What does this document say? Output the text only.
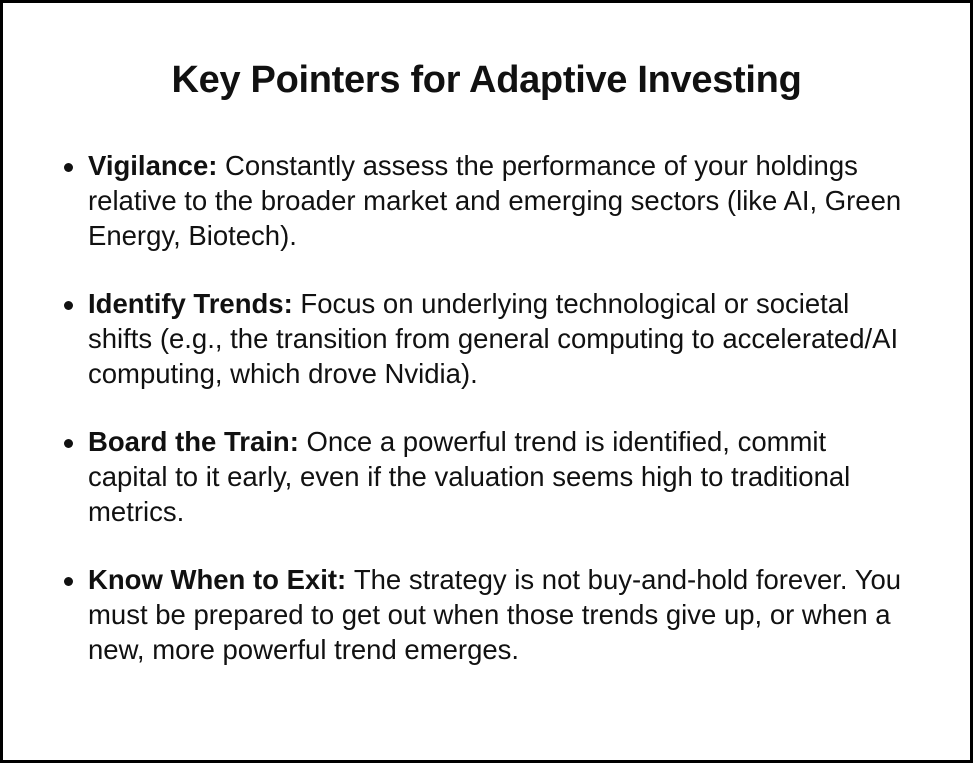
Key Pointers for Adaptive Investing
Vigilance: Constantly assess the performance of your holdings relative to the broader market and emerging sectors (like AI, Green Energy, Biotech).
Identify Trends: Focus on underlying technological or societal shifts (e.g., the transition from general computing to accelerated/AI computing, which drove Nvidia).
Board the Train: Once a powerful trend is identified, commit capital to it early, even if the valuation seems high to traditional metrics.
Know When to Exit: The strategy is not buy-and-hold forever. You must be prepared to get out when those trends give up, or when a new, more powerful trend emerges.
